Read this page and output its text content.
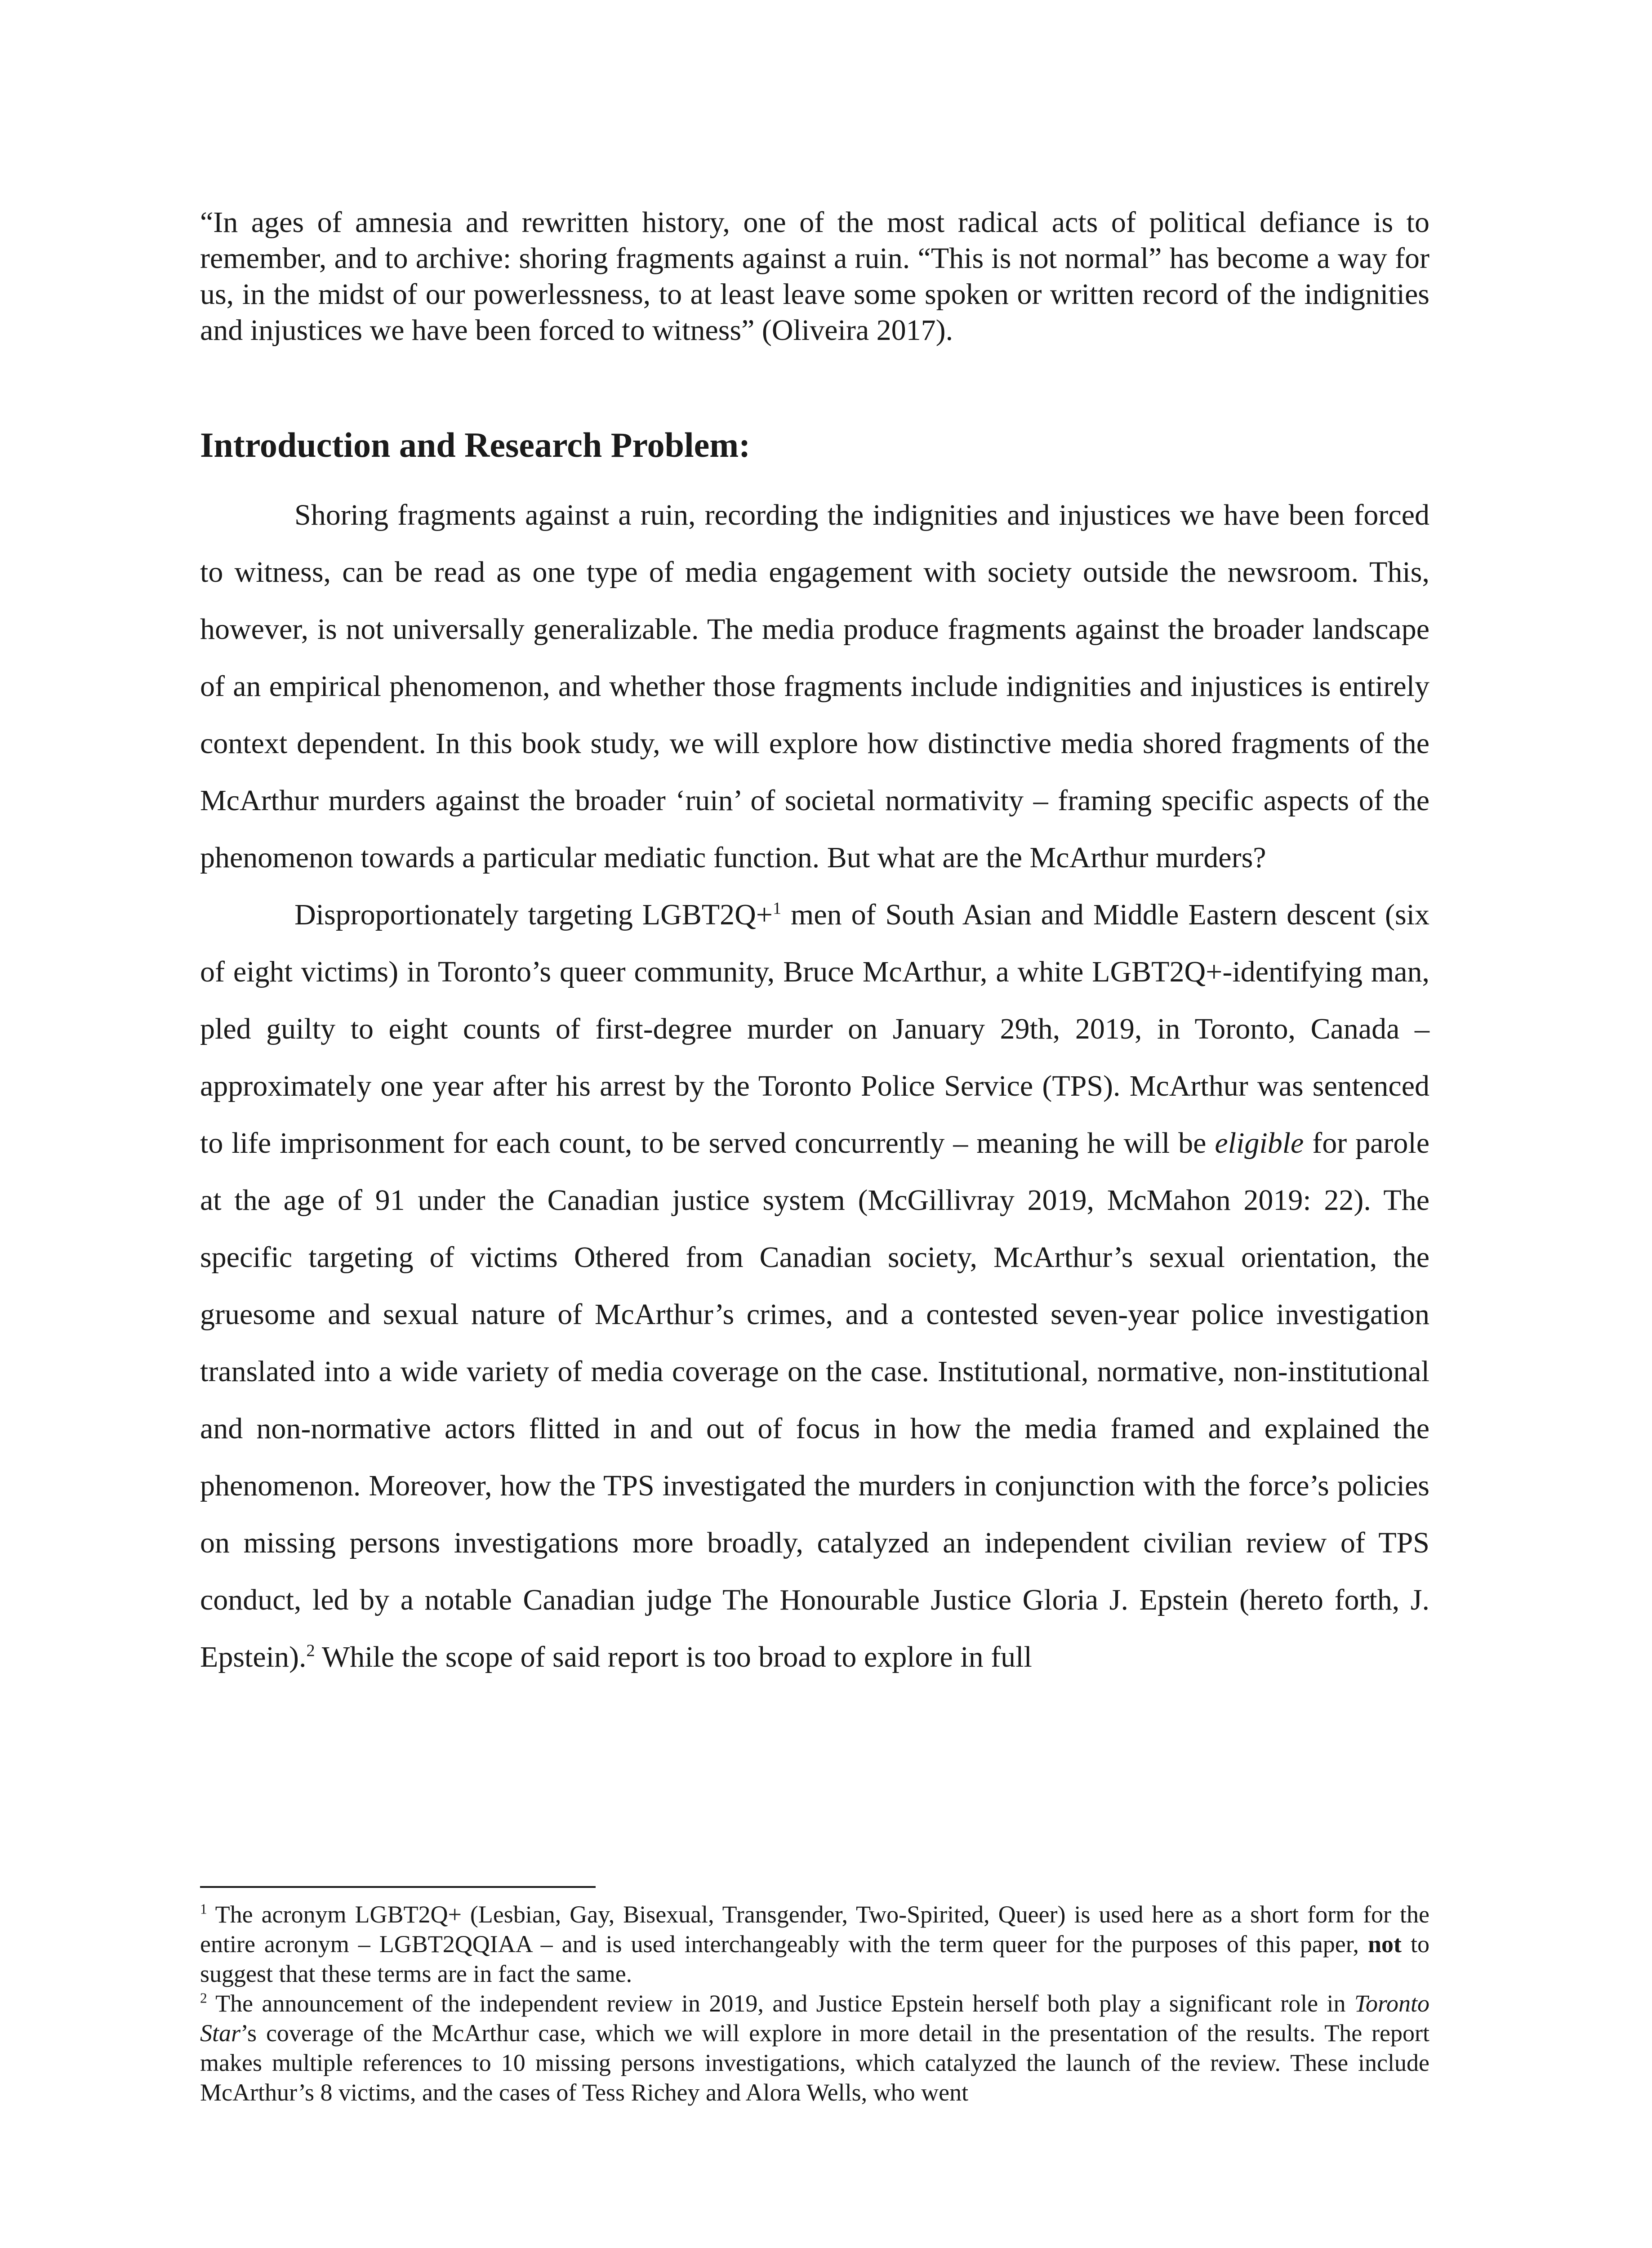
“In ages of amnesia and rewritten history, one of the most radical acts of political defiance is to remember, and to archive: shoring fragments against a ruin. “This is not normal” has become a way for us, in the midst of our powerlessness, to at least leave some spoken or written record of the indignities and injustices we have been forced to witness” (Oliveira 2017).
Introduction and Research Problem:

Shoring fragments against a ruin, recording the indignities and injustices we have been forced to witness, can be read as one type of media engagement with society outside the newsroom. This, however, is not universally generalizable. The media produce fragments against the broader landscape of an empirical phenomenon, and whether those fragments include indignities and injustices is entirely context dependent. In this book study, we will explore how distinctive media shored fragments of the McArthur murders against the broader ‘ruin’ of societal normativity – framing specific aspects of the phenomenon towards a particular mediatic function. But what are the McArthur murders?

Disproportionately targeting LGBT2Q+$^1$ men of South Asian and Middle Eastern descent (six of eight victims) in Toronto’s queer community, Bruce McArthur, a white LGBT2Q+-identifying man, pled guilty to eight counts of first-degree murder on January 29th, 2019, in Toronto, Canada – approximately one year after his arrest by the Toronto Police Service (TPS). McArthur was sentenced to life imprisonment for each count, to be served concurrently – meaning he will be eligible for parole at the age of 91 under the Canadian justice system (McGillivray 2019, McMahon 2019: 22). The specific targeting of victims Othered from Canadian society, McArthur’s sexual orientation, the gruesome and sexual nature of McArthur’s crimes, and a contested seven-year police investigation translated into a wide variety of media coverage on the case. Institutional, normative, non-institutional and non-normative actors flitted in and out of focus in how the media framed and explained the phenomenon. Moreover, how the TPS investigated the murders in conjunction with the force’s policies on missing persons investigations more broadly, catalyzed an independent civilian review of TPS conduct, led by a notable Canadian judge The Honourable Justice Gloria J. Epstein (hereto forth, J. Epstein).$^2$ While the scope of said report is too broad to explore in full

$^1$ The acronym LGBT2Q+ (Lesbian, Gay, Bisexual, Transgender, Two-Spirited, Queer) is used here as a short form for the entire acronym – LGBT2QQIAA – and is used interchangeably with the term queer for the purposes of this paper, not to suggest that these terms are in fact the same.

$^2$ The announcement of the independent review in 2019, and Justice Epstein herself both play a significant role in Toronto Star’s coverage of the McArthur case, which we will explore in more detail in the presentation of the results. The report makes multiple references to 10 missing persons investigations, which catalyzed the launch of the review. These include McArthur’s 8 victims, and the cases of Tess Richey and Alora Wells, who went
